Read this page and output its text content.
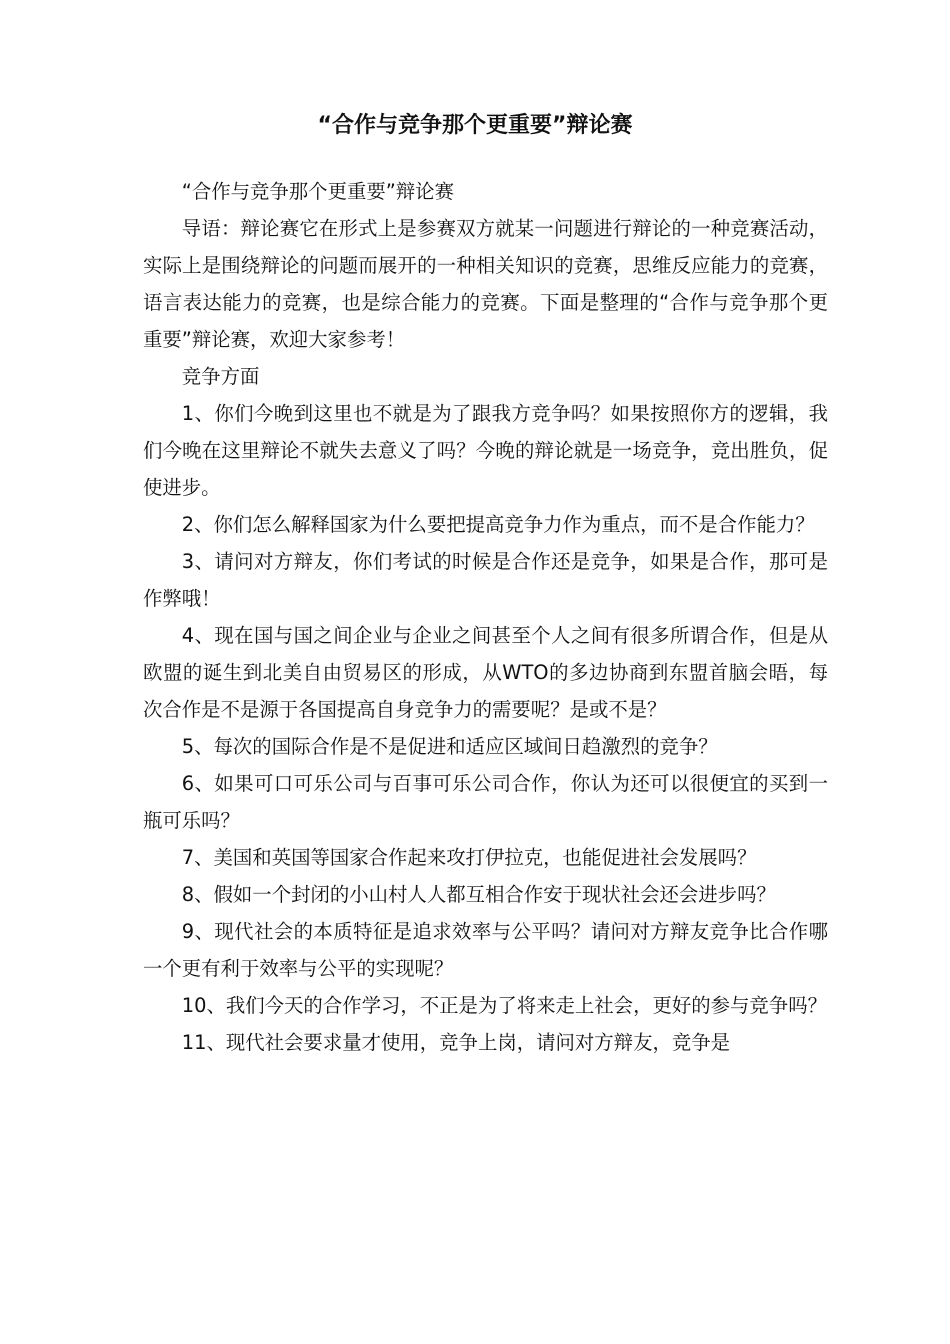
“合作与竞争那个更重要”辩论赛

“合作与竞争那个更重要”辩论赛

导语：辩论赛它在形式上是参赛双方就某一问题进行辩论的一种竞赛活动，实际上是围绕辩论的问题而展开的一种相关知识的竞赛，思维反应能力的竞赛，语言表达能力的竞赛，也是综合能力的竞赛。下面是整理的“合作与竞争那个更重要”辩论赛，欢迎大家参考！

竞争方面

1、你们今晚到这里也不就是为了跟我方竞争吗？如果按照你方的逻辑，我们今晚在这里辩论不就失去意义了吗？今晚的辩论就是一场竞争，竞出胜负，促使进步。

2、你们怎么解释国家为什么要把提高竞争力作为重点，而不是合作能力？

3、请问对方辩友，你们考试的时候是合作还是竞争，如果是合作，那可是作弊哦！

4、现在国与国之间企业与企业之间甚至个人之间有很多所谓合作，但是从欧盟的诞生到北美自由贸易区的形成，从WTO的多边协商到东盟首脑会晤，每次合作是不是源于各国提高自身竞争力的需要呢？是或不是？

5、每次的国际合作是不是促进和适应区域间日趋激烈的竞争？

6、如果可口可乐公司与百事可乐公司合作，你认为还可以很便宜的买到一瓶可乐吗？

7、美国和英国等国家合作起来攻打伊拉克，也能促进社会发展吗？

8、假如一个封闭的小山村人人都互相合作安于现状社会还会进步吗？

9、现代社会的本质特征是追求效率与公平吗？请问对方辩友竞争比合作哪一个更有利于效率与公平的实现呢？

10、我们今天的合作学习，不正是为了将来走上社会，更好的参与竞争吗？

11、现代社会要求量才使用，竞争上岗，请问对方辩友，竞争是
